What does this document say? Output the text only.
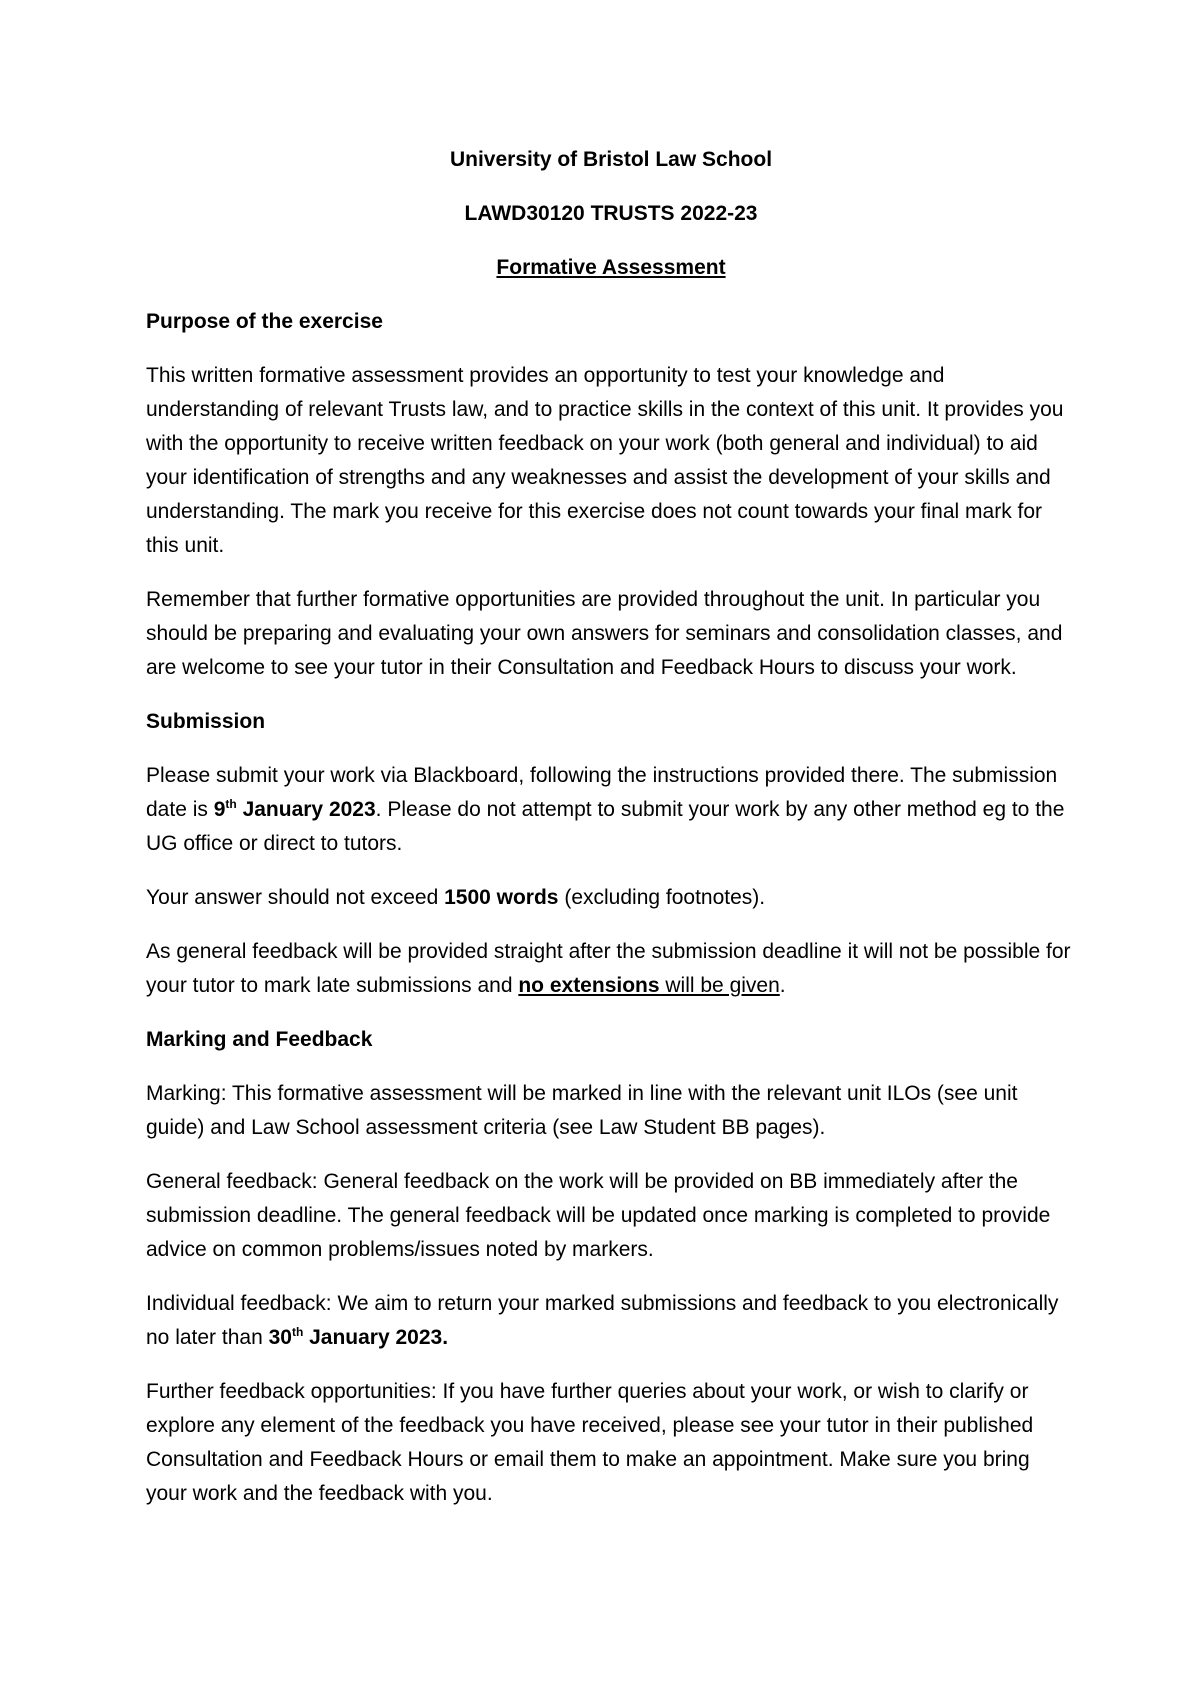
University of Bristol Law School
LAWD30120 TRUSTS 2022-23
Formative Assessment
Purpose of the exercise

This written formative assessment provides an opportunity to test your knowledge and understanding of relevant Trusts law, and to practice skills in the context of this unit. It provides you with the opportunity to receive written feedback on your work (both general and individual) to aid your identification of strengths and any weaknesses and assist the development of your skills and understanding. The mark you receive for this exercise does not count towards your final mark for this unit.

Remember that further formative opportunities are provided throughout the unit. In particular you should be preparing and evaluating your own answers for seminars and consolidation classes, and are welcome to see your tutor in their Consultation and Feedback Hours to discuss your work.

Submission

Please submit your work via Blackboard, following the instructions provided there. The submission date is 9th January 2023. Please do not attempt to submit your work by any other method eg to the UG office or direct to tutors.

Your answer should not exceed 1500 words (excluding footnotes).

As general feedback will be provided straight after the submission deadline it will not be possible for your tutor to mark late submissions and no extensions will be given.

Marking and Feedback

Marking: This formative assessment will be marked in line with the relevant unit ILOs (see unit guide) and Law School assessment criteria (see Law Student BB pages).

General feedback: General feedback on the work will be provided on BB immediately after the submission deadline. The general feedback will be updated once marking is completed to provide advice on common problems/issues noted by markers.

Individual feedback: We aim to return your marked submissions and feedback to you electronically no later than 30th January 2023.

Further feedback opportunities: If you have further queries about your work, or wish to clarify or explore any element of the feedback you have received, please see your tutor in their published Consultation and Feedback Hours or email them to make an appointment. Make sure you bring your work and the feedback with you.
